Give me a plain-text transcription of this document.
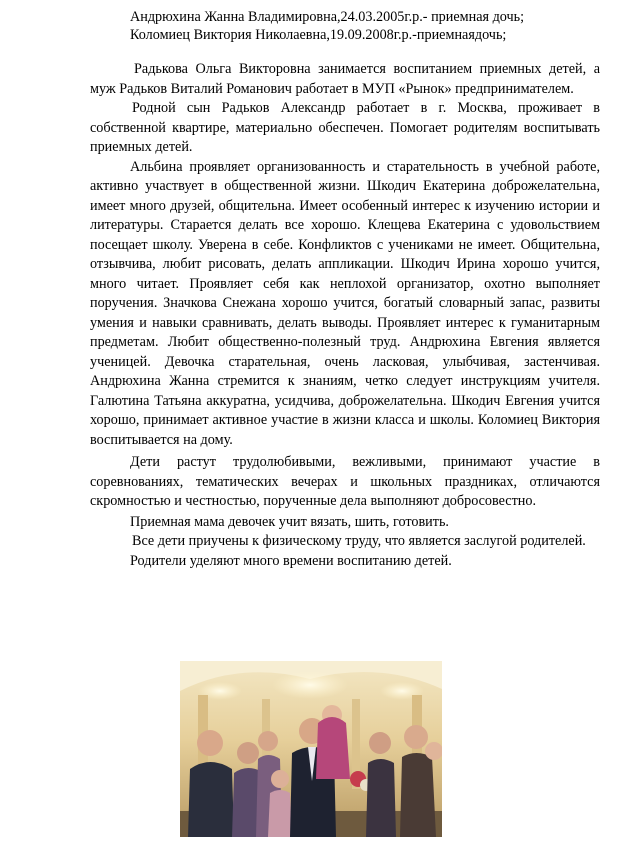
Андрюхина Жанна Владимировна,24.03.2005г.р.- приемная дочь;
Коломиец Виктория Николаевна,19.09.2008г.р.-приемнаядочь;

Радькова Ольга Викторовна занимается воспитанием приемных детей, а муж Радьков Виталий Романович работает в МУП «Рынок» предпринимателем.

Родной сын Радьков Александр работает в г. Москва, проживает в собственной квартире, материально обеспечен. Помогает родителям воспитывать приемных детей.

Альбина проявляет организованность и старательность в учебной работе, активно участвует в общественной жизни. Шкодич Екатерина доброжелательна, имеет много друзей, общительна. Имеет особенный интерес к изучению истории и литературы. Старается делать все хорошо. Клещева Екатерина с удовольствием посещает школу. Уверена в себе. Конфликтов с учениками не имеет. Общительна, отзывчива, любит рисовать, делать аппликации. Шкодич Ирина хорошо учится, много читает. Проявляет себя как неплохой организатор, охотно выполняет поручения. Значкова Снежана хорошо учится, богатый словарный запас, развиты умения и навыки сравнивать, делать выводы. Проявляет интерес к гуманитарным предметам. Любит общественно-полезный труд. Андрюхина Евгения является ученицей. Девочка старательная, очень ласковая, улыбчивая, застенчивая. Андрюхина Жанна стремится к знаниям, четко следует инструкциям учителя. Галютина Татьяна аккуратна, усидчива, доброжелательна. Шкодич Евгения учится хорошо, принимает активное участие в жизни класса и школы. Коломиец Виктория воспитывается на дому.

Дети растут трудолюбивыми, вежливыми, принимают участие в соревнованиях, тематических вечерах и школьных праздниках, отличаются скромностью и честностью, порученные дела выполняют добросовестно.

Приемная мама девочек учит вязать, шить, готовить.

Все дети приучены к физическому труду, что является заслугой родителей.

Родители уделяют много времени воспитанию детей.
